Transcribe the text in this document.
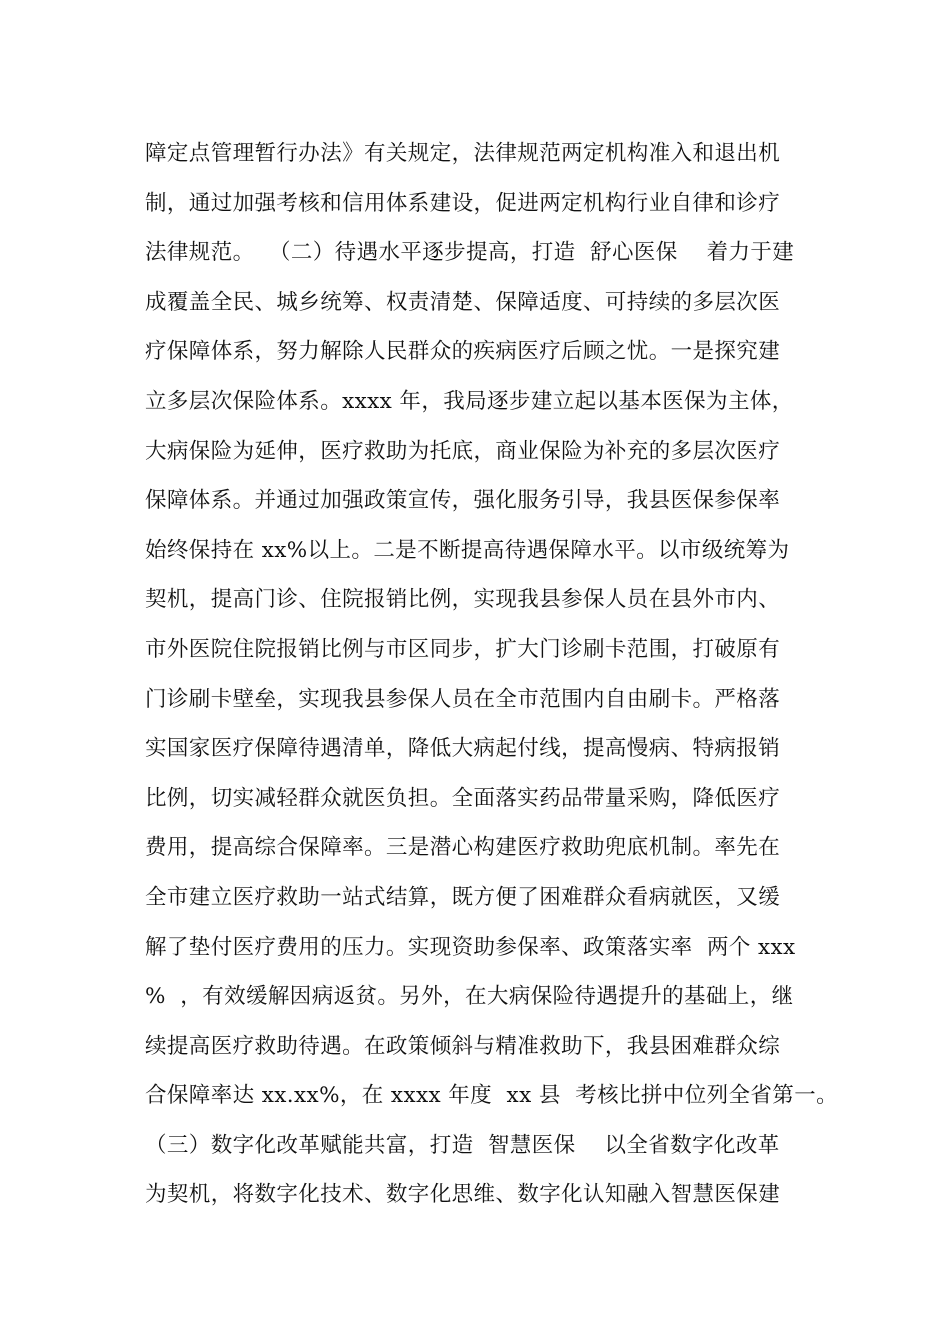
障定点管理暂行办法》有关规定，法律规范两定机构准入和退出机
制，通过加强考核和信用体系建设，促进两定机构行业自律和诊疗
法律规范。  （二）待遇水平逐步提高，打造  舒心医保    着力于建
成覆盖全民、城乡统筹、权责清楚、保障适度、可持续的多层次医
疗保障体系，努力解除人民群众的疾病医疗后顾之忧。一是探究建
立多层次保险体系。xxxx 年，我局逐步建立起以基本医保为主体，
大病保险为延伸，医疗救助为托底，商业保险为补充的多层次医疗
保障体系。并通过加强政策宣传，强化服务引导，我县医保参保率
始终保持在 xx%以上。二是不断提高待遇保障水平。以市级统筹为
契机，提高门诊、住院报销比例，实现我县参保人员在县外市内、
市外医院住院报销比例与市区同步，扩大门诊刷卡范围，打破原有
门诊刷卡壁垒，实现我县参保人员在全市范围内自由刷卡。严格落
实国家医疗保障待遇清单，降低大病起付线，提高慢病、特病报销
比例，切实减轻群众就医负担。全面落实药品带量采购，降低医疗
费用，提高综合保障率。三是潜心构建医疗救助兜底机制。率先在
全市建立医疗救助一站式结算，既方便了困难群众看病就医，又缓
解了垫付医疗费用的压力。实现资助参保率、政策落实率  两个 xxx
%  ，有效缓解因病返贫。另外，在大病保险待遇提升的基础上，继
续提高医疗救助待遇。在政策倾斜与精准救助下，我县困难群众综
合保障率达 xx.xx%，在 xxxx 年度  xx 县  考核比拼中位列全省第一。
（三）数字化改革赋能共富，打造  智慧医保    以全省数字化改革
为契机，将数字化技术、数字化思维、数字化认知融入智慧医保建
